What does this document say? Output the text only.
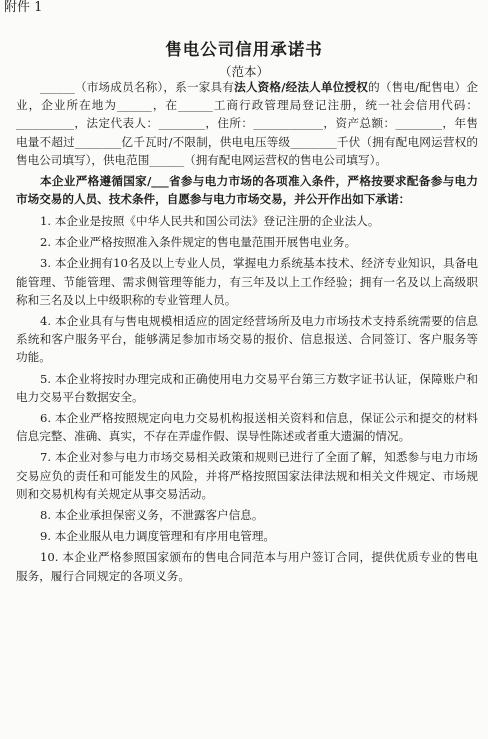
附件 1
售电公司信用承诺书
（范本）

______（市场成员名称），系一家具有法人资格/经法人单位授权的（售电/配售电）企业，企业所在地为______，在______工商行政管理局登记注册，统一社会信用代码：__________，法定代表人：________，住所：____________，资产总额：________，年售电量不超过________亿千瓦时/不限制，供电电压等级________千伏（拥有配电网运营权的售电公司填写），供电范围______（拥有配电网运营权的售电公司填写）。

本企业严格遵循国家/___省参与电力市场的各项准入条件，严格按要求配备参与电力市场交易的人员、技术条件，自愿参与电力市场交易，并公开作出如下承诺：

1. 本企业是按照《中华人民共和国公司法》登记注册的企业法人。
2. 本企业严格按照准入条件规定的售电量范围开展售电业务。
3. 本企业拥有10名及以上专业人员，掌握电力系统基本技术、经济专业知识，具备电能管理、节能管理、需求侧管理等能力，有三年及以上工作经验；拥有一名及以上高级职称和三名及以上中级职称的专业管理人员。
4. 本企业具有与售电规模相适应的固定经营场所及电力市场技术支持系统需要的信息系统和客户服务平台，能够满足参加市场交易的报价、信息报送、合同签订、客户服务等功能。
5. 本企业将按时办理完成和正确使用电力交易平台第三方数字证书认证，保障账户和电力交易平台数据安全。
6. 本企业严格按照规定向电力交易机构报送相关资料和信息，保证公示和提交的材料信息完整、准确、真实，不存在弄虚作假、误导性陈述或者重大遗漏的情况。
7. 本企业对参与电力市场交易相关政策和规则已进行了全面了解，知悉参与电力市场交易应负的责任和可能发生的风险，并将严格按照国家法律法规和相关文件规定、市场规则和交易机构有关规定从事交易活动。
8. 本企业承担保密义务，不泄露客户信息。
9. 本企业服从电力调度管理和有序用电管理。
10. 本企业严格参照国家颁布的售电合同范本与用户签订合同，提供优质专业的售电服务，履行合同规定的各项义务。
